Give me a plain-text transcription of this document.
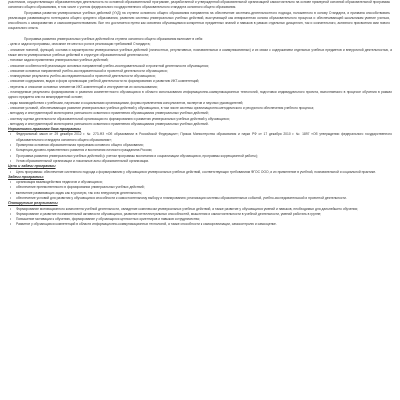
участников, осуществляющих образовательную деятельность по основной образовательной программе, разработанной и утвержденной образовательной организацией самостоятельно на основе примерной основной образовательной программы основного общего образования, в том числе с учетом федерального государственного образовательного стандарта основного общего образования.

Программа развития универсальных учебных действий (УУД) на ступени основного общего образования направлена на обеспечение системно-деятельностного подхода, положенного в основу Стандарта, и призвана способствовать реализации развивающего потенциала общего среднего образования, развитию системы универсальных учебных действий, выступающей как инвариантная основа образовательного процесса и обеспечивающей школьникам умение учиться, способность к саморазвитию и самосовершенствованию. Все это достигается путем как освоения обучающимися конкретных предметных знаний и навыков в рамках отдельных дисциплин, так и сознательного, активного присвоения ими нового социального опыта.

Программа развития универсальных учебных действий на ступени основного общего образования включает в себя:

- цели и задачи программы, описание ее места и роли в реализации требований Стандарта;
- описание понятий, функций, состава и характеристик универсальных учебных действий (личностных, регулятивных, познавательных и коммуникативных) и их связи с содержанием отдельных учебных предметов и внеурочной деятельностью, а также места универсальных учебных действий в структуре образовательной деятельности;
- типовые задачи применения универсальных учебных действий;
- описание особенностей реализации основных направлений учебно-исследовательской и проектной деятельности обучающихся;
- описание основных направлений учебно-исследовательской и проектной деятельности обучающихся;
- планируемые результаты учебно-исследовательской и проектной деятельности обучающихся;
- описание содержания, видов и форм организации учебной деятельности по формированию и развитию ИКТ-компетенций;
- перечень и описание основных элементов ИКТ-компетенций и инструментов их использования;
- планируемые результаты формирования и развития компетентности обучающихся в области использования информационно-коммуникационных технологий, подготовки индивидуального проекта, выполняемого в процессе обучения в рамках одного предмета или на межпредметной основе;
- виды взаимодействия с учебными, научными и социальными организациями, формы привлечения консультантов, экспертов и научных руководителей;
- описание условий, обеспечивающих развитие универсальных учебных действий у обучающихся, в том числе системы организационно-методического и ресурсного обеспечения учебного процесса;
- методику и инструментарий мониторинга успешности освоения и применения обучающимися универсальных учебных действий;
- систему оценки деятельности образовательной организации по формированию и развитию универсальных учебных действий у обучающихся;
- методику и инструментарий мониторинга успешности освоения и применения обучающимися универсальных учебных действий.
Нормативно-правовая база программы
• Федеральный закон от 29 декабря 2012 г. № 273-ФЗ «Об образовании в Российской Федерации»; Приказ Министерства образования и науки РФ от 17 декабря 2010 г. № 1897 «Об утверждении федерального государственного образовательного стандарта основного общего образования»;
• Примерная основная образовательная программа основного общего образования;
• Концепция духовно-нравственного развития и воспитания личности гражданина России;
• Программа развития универсальных учебных действий (с учетом программы воспитания и социализации обучающихся, программы коррекционной работы);
• Устав образовательной организации и локальные акты образовательной организации.
Цели и задачи программы
• Цель программы: обеспечение системного подхода к формированию у обучающихся универсальных учебных действий, соответствующих требованиям ФГОС ООО, и их применение в учебной, познавательной и социальной практике.
Задачи программы:
• организация взаимодействия педагогов и обучающихся;
• обеспечение преемственности в формировании универсальных учебных действий;
• включение развивающих задач как в урочную, так и во внеурочную деятельность;
• обеспечение условий для развития у обучающихся способности к самостоятельному выбору и планированию; реализация системы образовательных событий, учебно-исследовательской и проектной деятельности.
Планируемые результаты
• Формирование мотивационного компонента учебной деятельности, овладение комплексом универсальных учебных действий, а также развитие у обучающихся умений и навыков, необходимых для дальнейшего обучения;
• Формирование и развитие познавательной активности обучающихся, развитие интеллектуальных способностей, мышления и самостоятельности в учебной деятельности, умений работать в группе;
• Повышение мотивации к обучению, формирование у обучающихся ценностных ориентиров и навыков сотрудничества;
• Развитие у обучающихся компетенций в области информационно-коммуникационных технологий, а также способности к самоорганизации, самоконтролю и самооценке.
